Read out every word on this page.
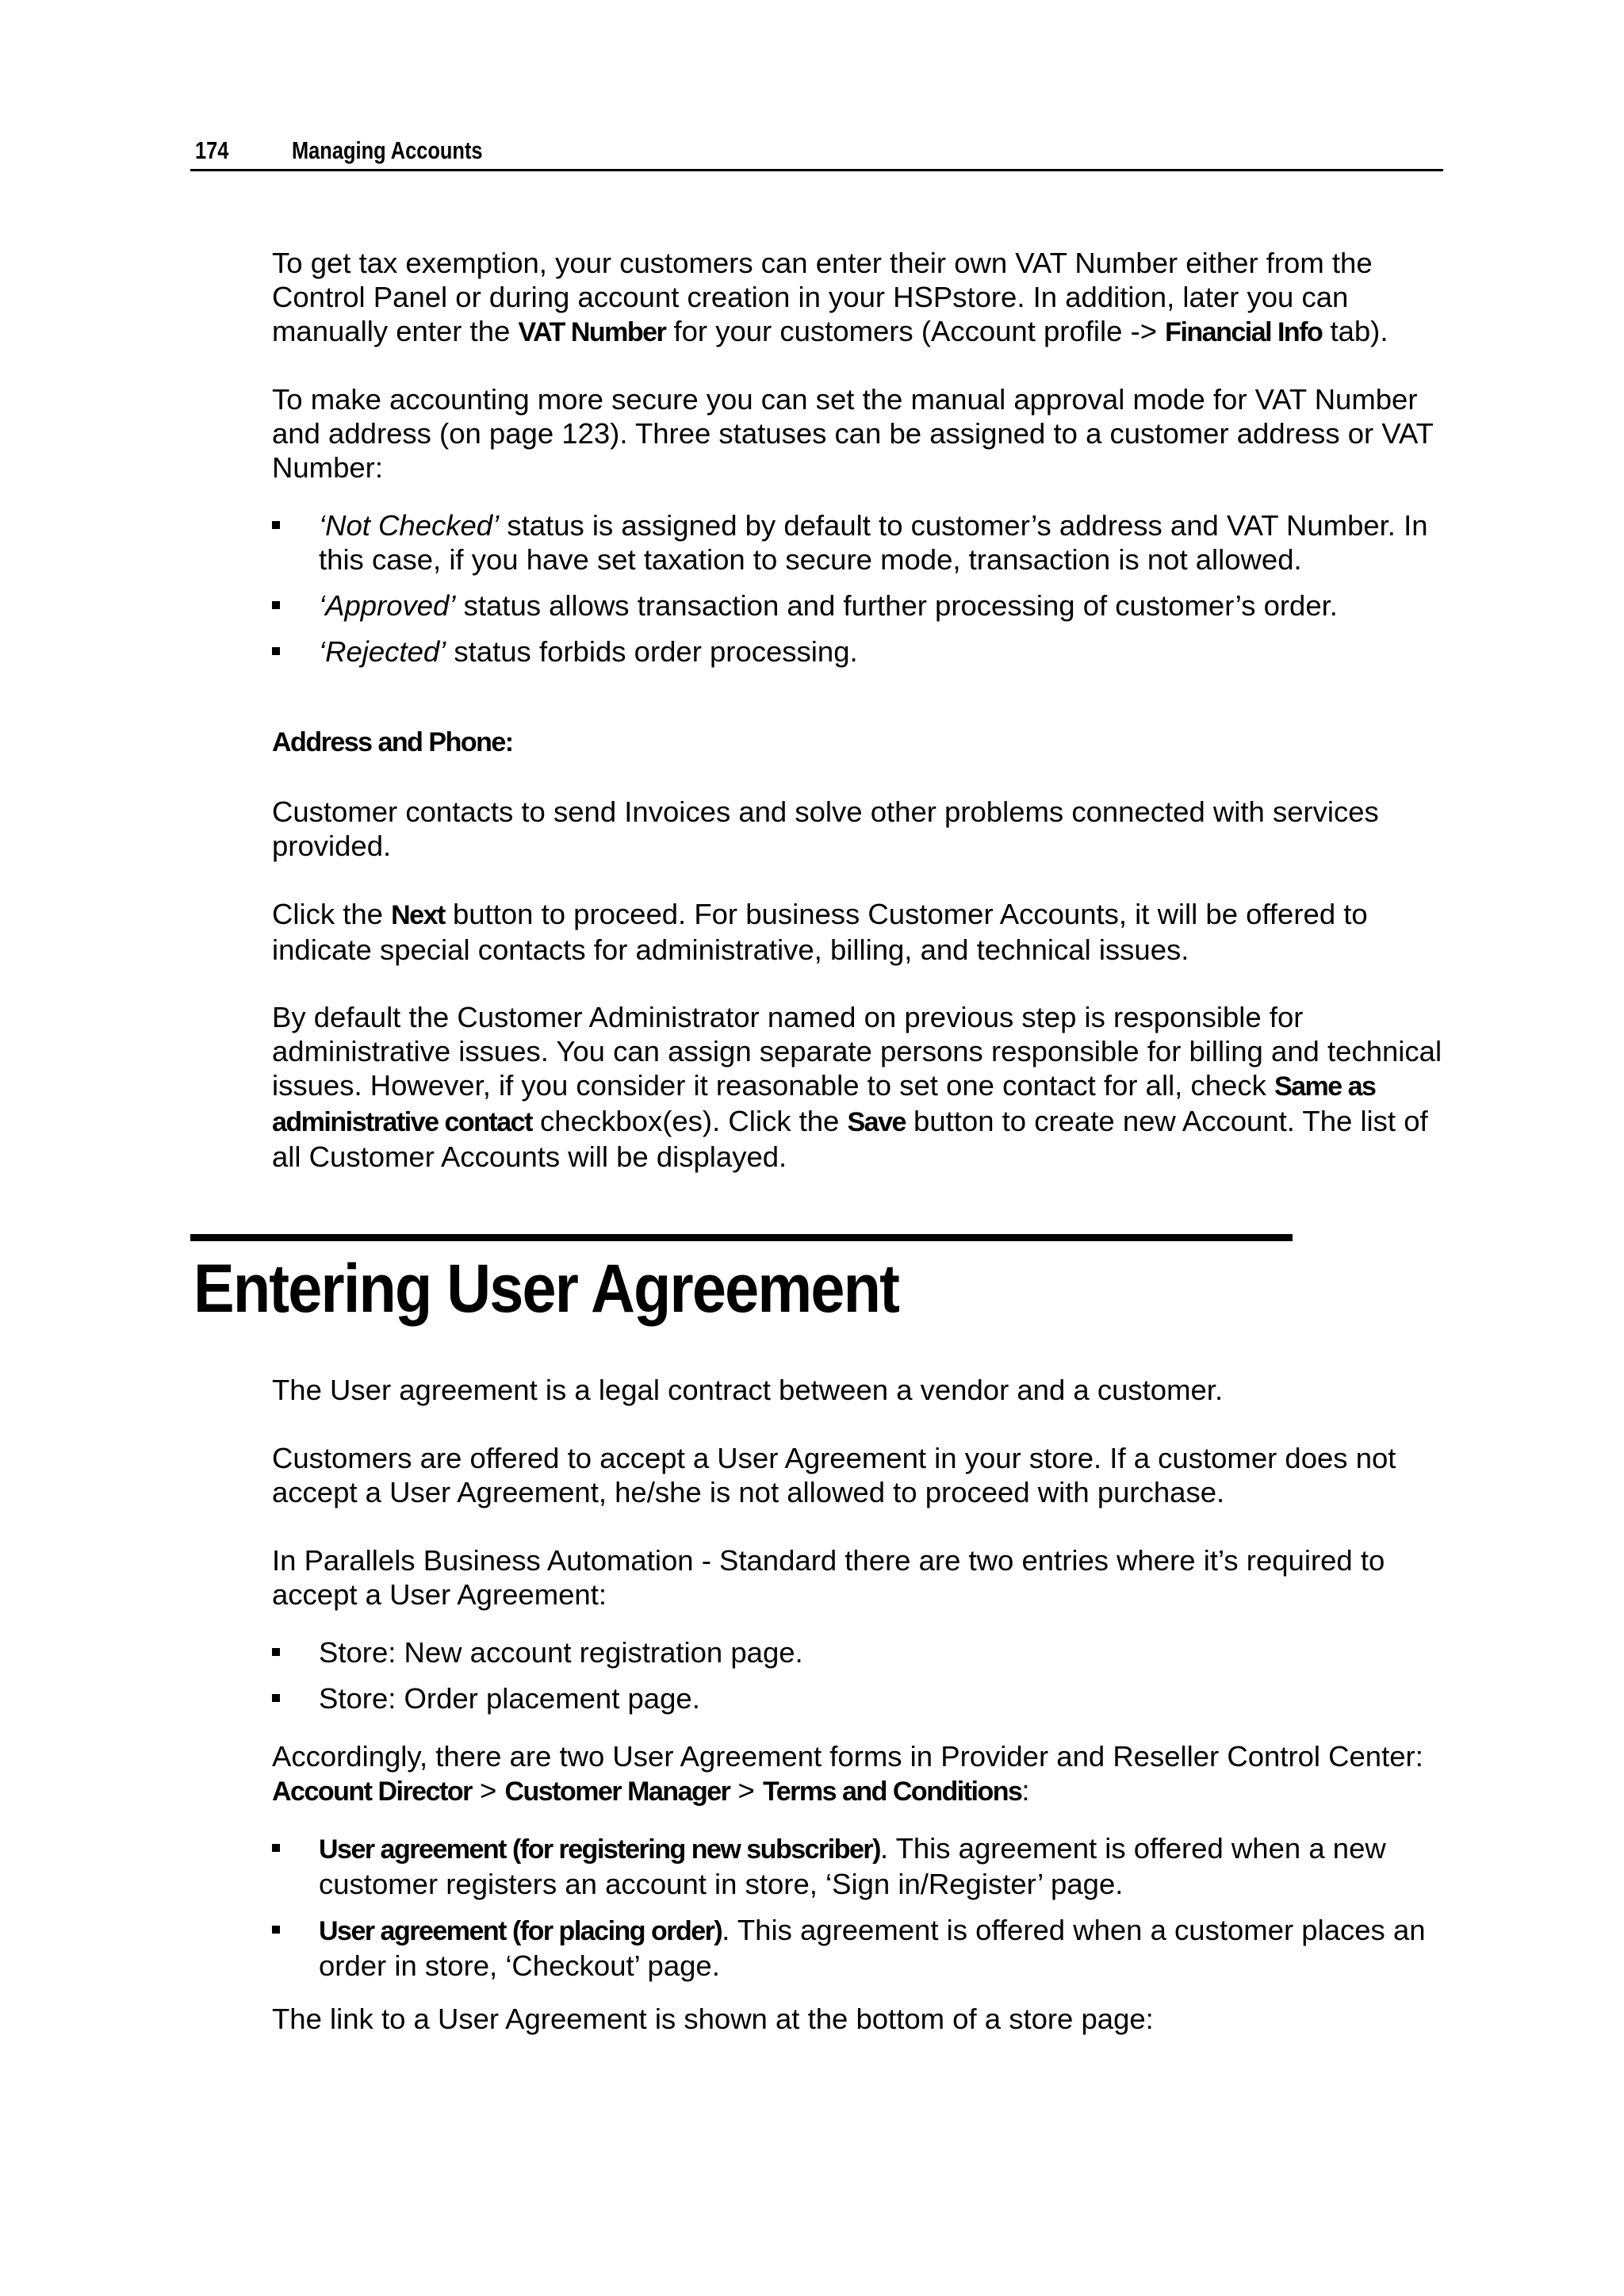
174	Managing Accounts

To get tax exemption, your customers can enter their own VAT Number either from the Control Panel or during account creation in your HSPstore. In addition, later you can manually enter the VAT Number for your customers (Account profile -> Financial Info tab).

To make accounting more secure you can set the manual approval mode for VAT Number and address (on page 123). Three statuses can be assigned to a customer address or VAT Number:

‘Not Checked’ status is assigned by default to customer’s address and VAT Number. In this case, if you have set taxation to secure mode, transaction is not allowed.
‘Approved’ status allows transaction and further processing of customer’s order.
‘Rejected’ status forbids order processing.
Address and Phone:

Customer contacts to send Invoices and solve other problems connected with services provided.

Click the Next button to proceed. For business Customer Accounts, it will be offered to indicate special contacts for administrative, billing, and technical issues.

By default the Customer Administrator named on previous step is responsible for administrative issues. You can assign separate persons responsible for billing and technical issues. However, if you consider it reasonable to set one contact for all, check Same as administrative contact checkbox(es). Click the Save button to create new Account. The list of all Customer Accounts will be displayed.

Entering User Agreement

The User agreement is a legal contract between a vendor and a customer.

Customers are offered to accept a User Agreement in your store. If a customer does not accept a User Agreement, he/she is not allowed to proceed with purchase.

In Parallels Business Automation - Standard there are two entries where it’s required to accept a User Agreement:

Store: New account registration page.
Store: Order placement page.

Accordingly, there are two User Agreement forms in Provider and Reseller Control Center: Account Director > Customer Manager > Terms and Conditions:

User agreement (for registering new subscriber). This agreement is offered when a new customer registers an account in store, ‘Sign in/Register’ page.
User agreement (for placing order). This agreement is offered when a customer places an order in store, ‘Checkout’ page.

The link to a User Agreement is shown at the bottom of a store page:
